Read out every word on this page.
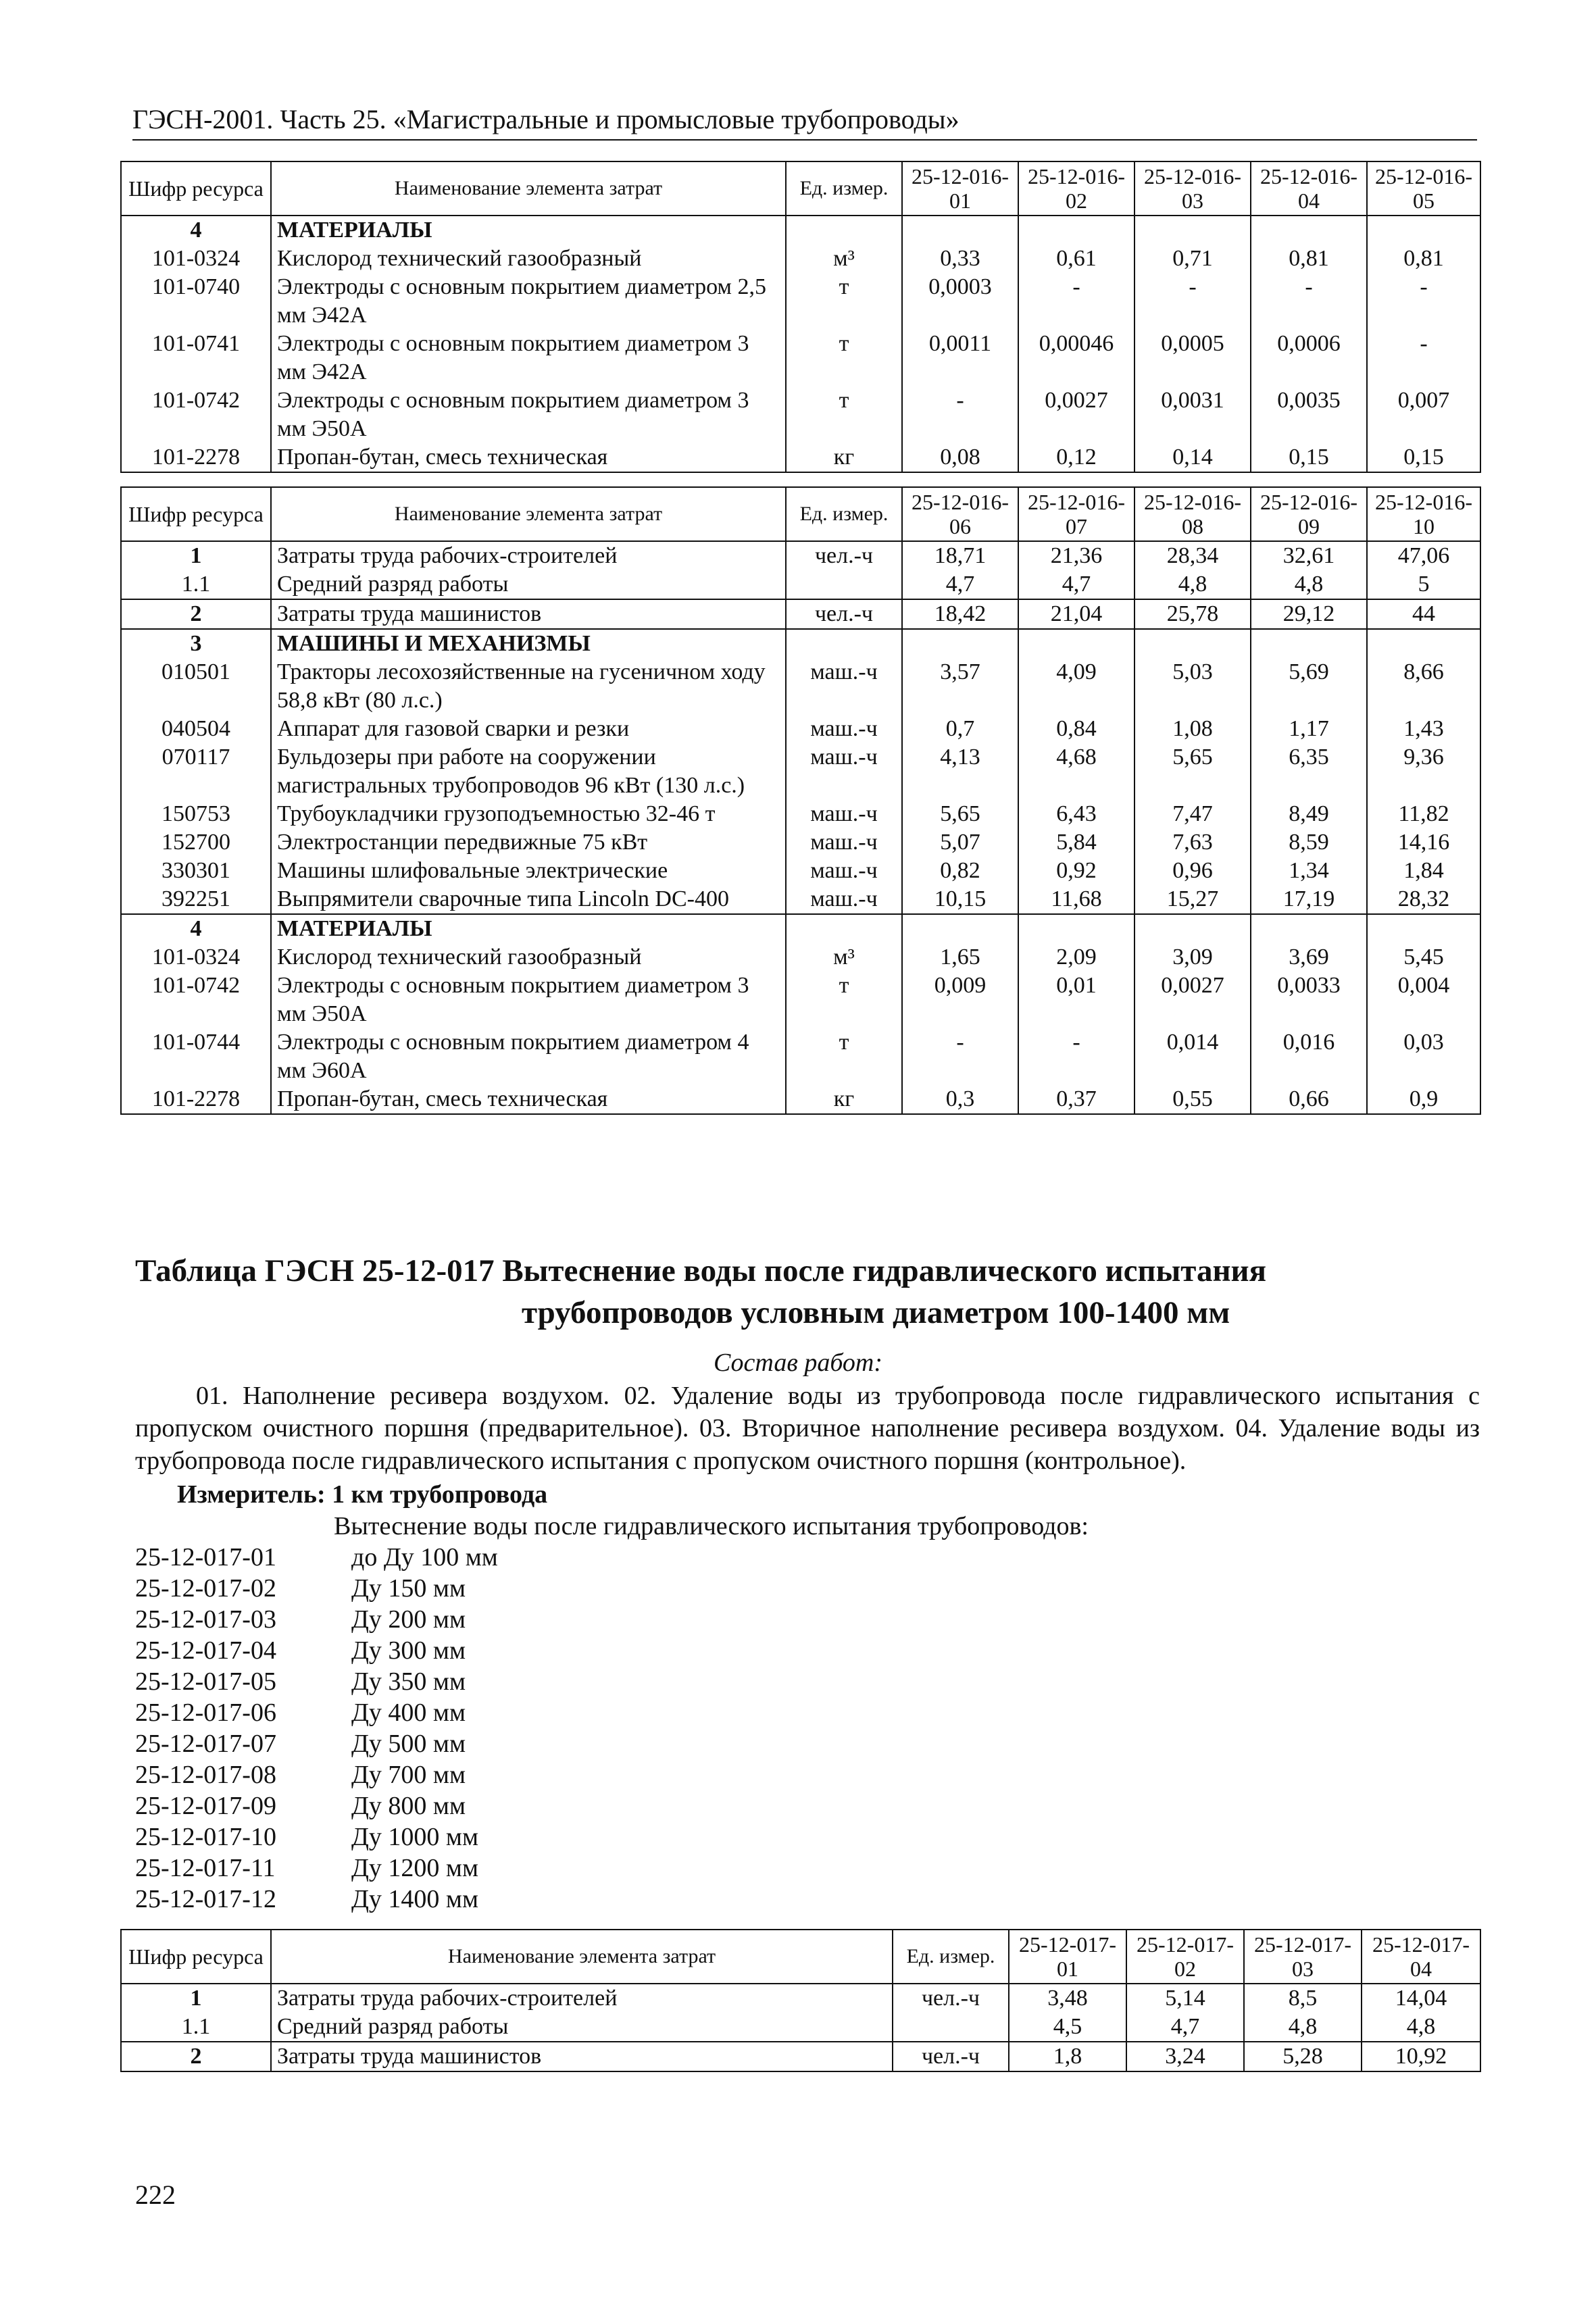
ГЭСН-2001. Часть 25. «Магистральные и промысловые трубопроводы»
Шифр ресурса	Наименование элемента затрат	Ед. измер.	25-12-016-01	25-12-016-02	25-12-016-03	25-12-016-04	25-12-016-05
4	МАТЕРИАЛЫ						
101-0324	Кислород технический газообразный	м³	0,33	0,61	0,71	0,81	0,81
101-0740	Электроды с основным покрытием диаметром 2,5 мм Э42А	т	0,0003	-	-	-	-
101-0741	Электроды с основным покрытием диаметром 3 мм Э42А	т	0,0011	0,00046	0,0005	0,0006	-
101-0742	Электроды с основным покрытием диаметром 3 мм Э50А	т	-	0,0027	0,0031	0,0035	0,007
101-2278	Пропан-бутан, смесь техническая	кг	0,08	0,12	0,14	0,15	0,15
Шифр ресурса	Наименование элемента затрат	Ед. измер.	25-12-016-06	25-12-016-07	25-12-016-08	25-12-016-09	25-12-016-10
1	Затраты труда рабочих-строителей	чел.-ч	18,71	21,36	28,34	32,61	47,06
1.1	Средний разряд работы		4,7	4,7	4,8	4,8	5
2	Затраты труда машинистов	чел.-ч	18,42	21,04	25,78	29,12	44
3	МАШИНЫ И МЕХАНИЗМЫ						
010501	Тракторы лесохозяйственные на гусеничном ходу 58,8 кВт (80 л.с.)	маш.-ч	3,57	4,09	5,03	5,69	8,66
040504	Аппарат для газовой сварки и резки	маш.-ч	0,7	0,84	1,08	1,17	1,43
070117	Бульдозеры при работе на сооружении магистральных трубопроводов 96 кВт (130 л.с.)	маш.-ч	4,13	4,68	5,65	6,35	9,36
150753	Трубоукладчики грузоподъемностью 32-46 т	маш.-ч	5,65	6,43	7,47	8,49	11,82
152700	Электростанции передвижные 75 кВт	маш.-ч	5,07	5,84	7,63	8,59	14,16
330301	Машины шлифовальные электрические	маш.-ч	0,82	0,92	0,96	1,34	1,84
392251	Выпрямители сварочные типа Lincoln DC-400	маш.-ч	10,15	11,68	15,27	17,19	28,32
4	МАТЕРИАЛЫ						
101-0324	Кислород технический газообразный	м³	1,65	2,09	3,09	3,69	5,45
101-0742	Электроды с основным покрытием диаметром 3 мм Э50А	т	0,009	0,01	0,0027	0,0033	0,004
101-0744	Электроды с основным покрытием диаметром 4 мм Э60А	т	-	-	0,014	0,016	0,03
101-2278	Пропан-бутан, смесь техническая	кг	0,3	0,37	0,55	0,66	0,9
Таблица ГЭСН 25-12-017 Вытеснение воды после гидравлического испытания
трубопроводов условным диаметром 100-1400 мм
Состав работ:
01. Наполнение ресивера воздухом. 02. Удаление воды из трубопровода после гидравлического испытания с пропуском очистного поршня (предварительное). 03. Вторичное наполнение ресивера воздухом. 04. Удаление воды из трубопровода после гидравлического испытания с пропуском очистного поршня (контрольное).
Измеритель: 1 км трубопровода
Вытеснение воды после гидравлического испытания трубопроводов:
25-12-017-01	до Ду 100 мм
25-12-017-02	Ду 150 мм
25-12-017-03	Ду 200 мм
25-12-017-04	Ду 300 мм
25-12-017-05	Ду 350 мм
25-12-017-06	Ду 400 мм
25-12-017-07	Ду 500 мм
25-12-017-08	Ду 700 мм
25-12-017-09	Ду 800 мм
25-12-017-10	Ду 1000 мм
25-12-017-11	Ду 1200 мм
25-12-017-12	Ду 1400 мм
Шифр ресурса	Наименование элемента затрат	Ед. измер.	25-12-017-01	25-12-017-02	25-12-017-03	25-12-017-04
1	Затраты труда рабочих-строителей	чел.-ч	3,48	5,14	8,5	14,04
1.1	Средний разряд работы		4,5	4,7	4,8	4,8
2	Затраты труда машинистов	чел.-ч	1,8	3,24	5,28	10,92
222
